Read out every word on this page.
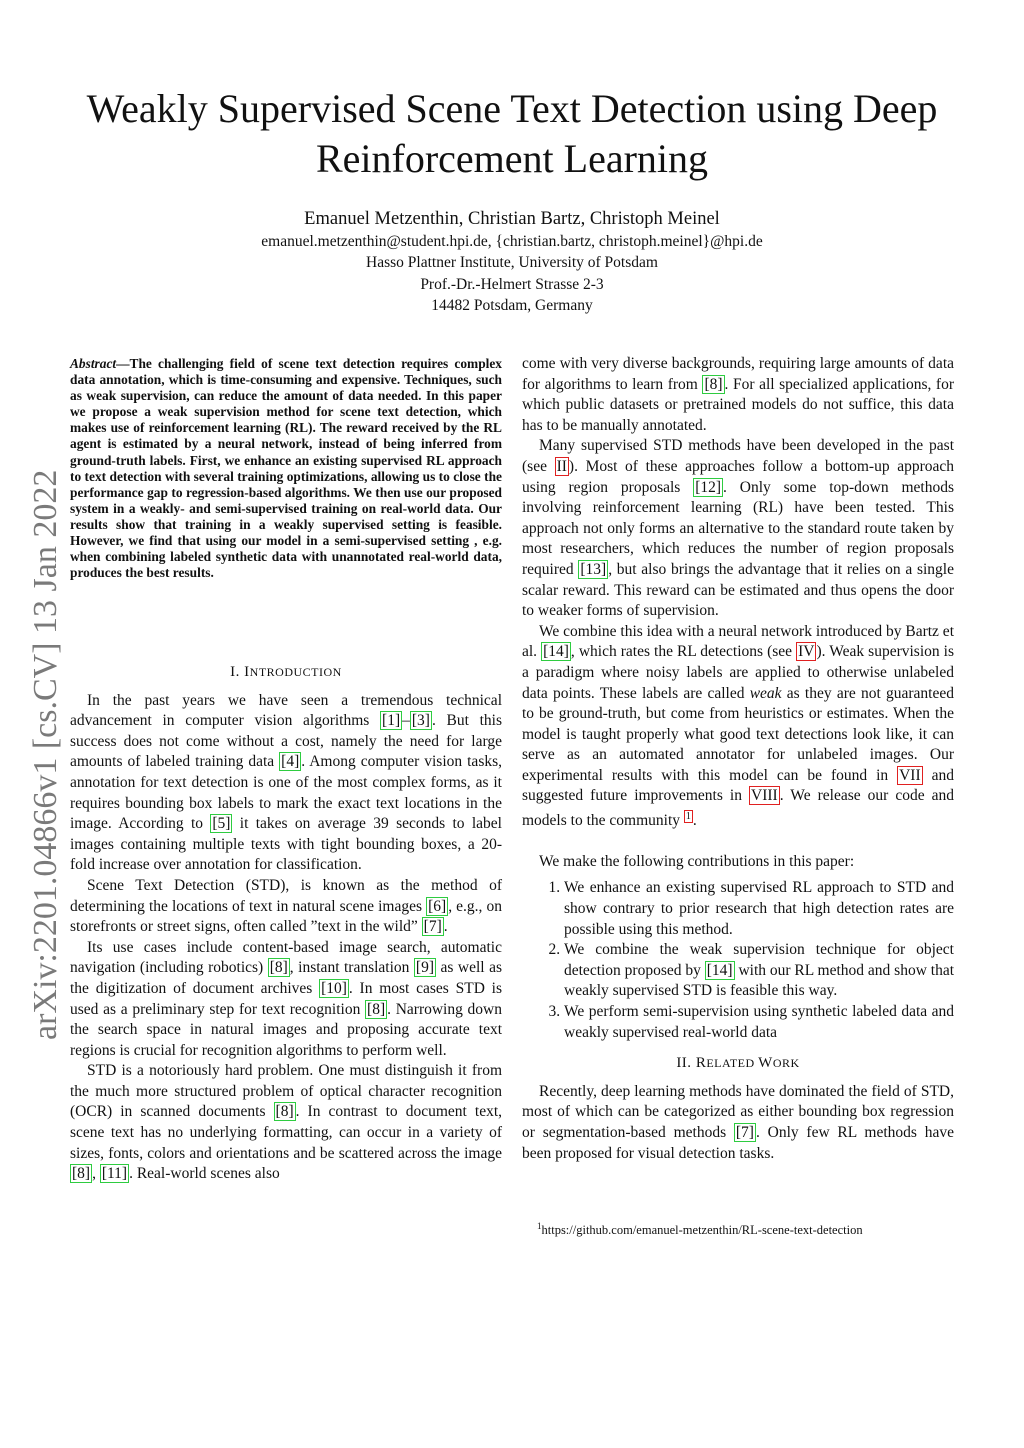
arXiv:2201.04866v1 [cs.CV] 13 Jan 2022
Weakly Supervised Scene Text Detection using Deep Reinforcement Learning
Emanuel Metzenthin, Christian Bartz, Christoph Meinel
emanuel.metzenthin@student.hpi.de, {christian.bartz, christoph.meinel}@hpi.de
Hasso Plattner Institute, University of Potsdam
Prof.-Dr.-Helmert Strasse 2-3
14482 Potsdam, Germany
Abstract—The challenging field of scene text detection requires complex data annotation, which is time-consuming and expensive. Techniques, such as weak supervision, can reduce the amount of data needed. In this paper we propose a weak supervision method for scene text detection, which makes use of reinforcement learning (RL). The reward received by the RL agent is estimated by a neural network, instead of being inferred from ground-truth labels. First, we enhance an existing supervised RL approach to text detection with several training optimizations, allowing us to close the performance gap to regression-based algorithms. We then use our proposed system in a weakly- and semi-supervised training on real-world data. Our results show that training in a weakly supervised setting is feasible. However, we find that using our model in a semi-supervised setting , e.g. when combining labeled synthetic data with unannotated real-world data, produces the best results.
I. INTRODUCTION

In the past years we have seen a tremendous technical advancement in computer vision algorithms [1] – [3] . But this success does not come without a cost, namely the need for large amounts of labeled training data [4] . Among computer vision tasks, annotation for text detection is one of the most complex forms, as it requires bounding box labels to mark the exact text locations in the image. According to [5] it takes on average 39 seconds to label images containing multiple texts with tight bounding boxes, a 20-fold increase over annotation for classification.

Scene Text Detection (STD), is known as the method of determining the locations of text in natural scene images [6] , e.g., on storefronts or street signs, often called ”text in the wild” [7] .

Its use cases include content-based image search, automatic navigation (including robotics) [8] , instant translation [9] as well as the digitization of document archives [10] . In most cases STD is used as a preliminary step for text recognition [8] . Narrowing down the search space in natural images and proposing accurate text regions is crucial for recognition algorithms to perform well.

STD is a notoriously hard problem. One must distinguish it from the much more structured problem of optical character recognition (OCR) in scanned documents [8] . In contrast to document text, scene text has no underlying formatting, can occur in a variety of sizes, fonts, colors and orientations and be scattered across the image [8] , [11] . Real-world scenes also

come with very diverse backgrounds, requiring large amounts of data for algorithms to learn from [8] . For all specialized applications, for which public datasets or pretrained models do not suffice, this data has to be manually annotated.

Many supervised STD methods have been developed in the past (see II ). Most of these approaches follow a bottom-up approach using region proposals [12] . Only some top-down methods involving reinforcement learning (RL) have been tested. This approach not only forms an alternative to the standard route taken by most researchers, which reduces the number of region proposals required [13] , but also brings the advantage that it relies on a single scalar reward. This reward can be estimated and thus opens the door to weaker forms of supervision.

We combine this idea with a neural network introduced by Bartz et al. [14] , which rates the RL detections (see IV ). Weak supervision is a paradigm where noisy labels are applied to otherwise unlabeled data points. These labels are called weak as they are not guaranteed to be ground-truth, but come from heuristics or estimates. When the model is taught properly what good text detections look like, it can serve as an automated annotator for unlabeled images. Our experimental results with this model can be found in VII and suggested future improvements in VIII . We release our code and models to the community $^1$ .

We make the following contributions in this paper:

1. We enhance an existing supervised RL approach to STD and show contrary to prior research that high detection rates are possible using this method.
2. We combine the weak supervision technique for object detection proposed by [14] with our RL method and show that weakly supervised STD is feasible this way.
3. We perform semi-supervision using synthetic labeled data and weakly supervised real-world data
II. RELATED WORK

Recently, deep learning methods have dominated the field of STD, most of which can be categorized as either bounding box regression or segmentation-based methods [7] . Only few RL methods have been proposed for visual detection tasks.

$^1$https://github.com/emanuel-metzenthin/RL-scene-text-detection
